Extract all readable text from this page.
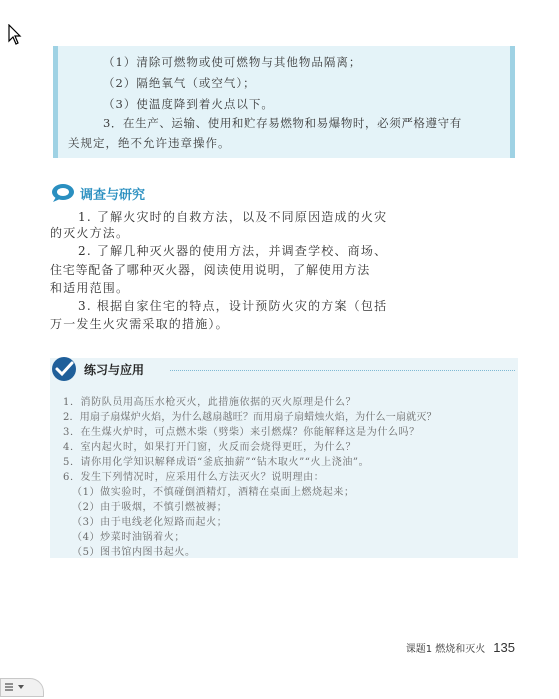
（1）清除可燃物或使可燃物与其他物品隔离；
（2）隔绝氧气（或空气）；
（3）使温度降到着火点以下。
3．在生产、运输、使用和贮存易燃物和易爆物时，必须严格遵守有
关规定，绝不允许违章操作。
调查与研究
1. 了解火灾时的自救方法，以及不同原因造成的火灾
的灭火方法。
2. 了解几种灭火器的使用方法，并调查学校、商场、
住宅等配备了哪种灭火器，阅读使用说明，了解使用方法
和适用范围。
3. 根据自家住宅的特点，设计预防火灾的方案（包括
万一发生火灾需采取的措施）。
练习与应用
1．消防队员用高压水枪灭火，此措施依据的灭火原理是什么？
2．用扇子扇煤炉火焰，为什么越扇越旺？而用扇子扇蜡烛火焰，为什么一扇就灭？
3．在生煤火炉时，可点燃木柴（劈柴）来引燃煤？你能解释这是为什么吗？
4．室内起火时，如果打开门窗，火反而会烧得更旺，为什么？
5．请你用化学知识解释成语“釜底抽薪”“钻木取火”“火上浇油”。
6．发生下列情况时，应采用什么方法灭火？说明理由：
（1）做实验时，不慎碰倒酒精灯，酒精在桌面上燃烧起来；
（2）由于吸烟，不慎引燃被褥；
（3）由于电线老化短路而起火；
（4）炒菜时油锅着火；
（5）图书馆内图书起火。
课题1 燃烧和灭火 135
